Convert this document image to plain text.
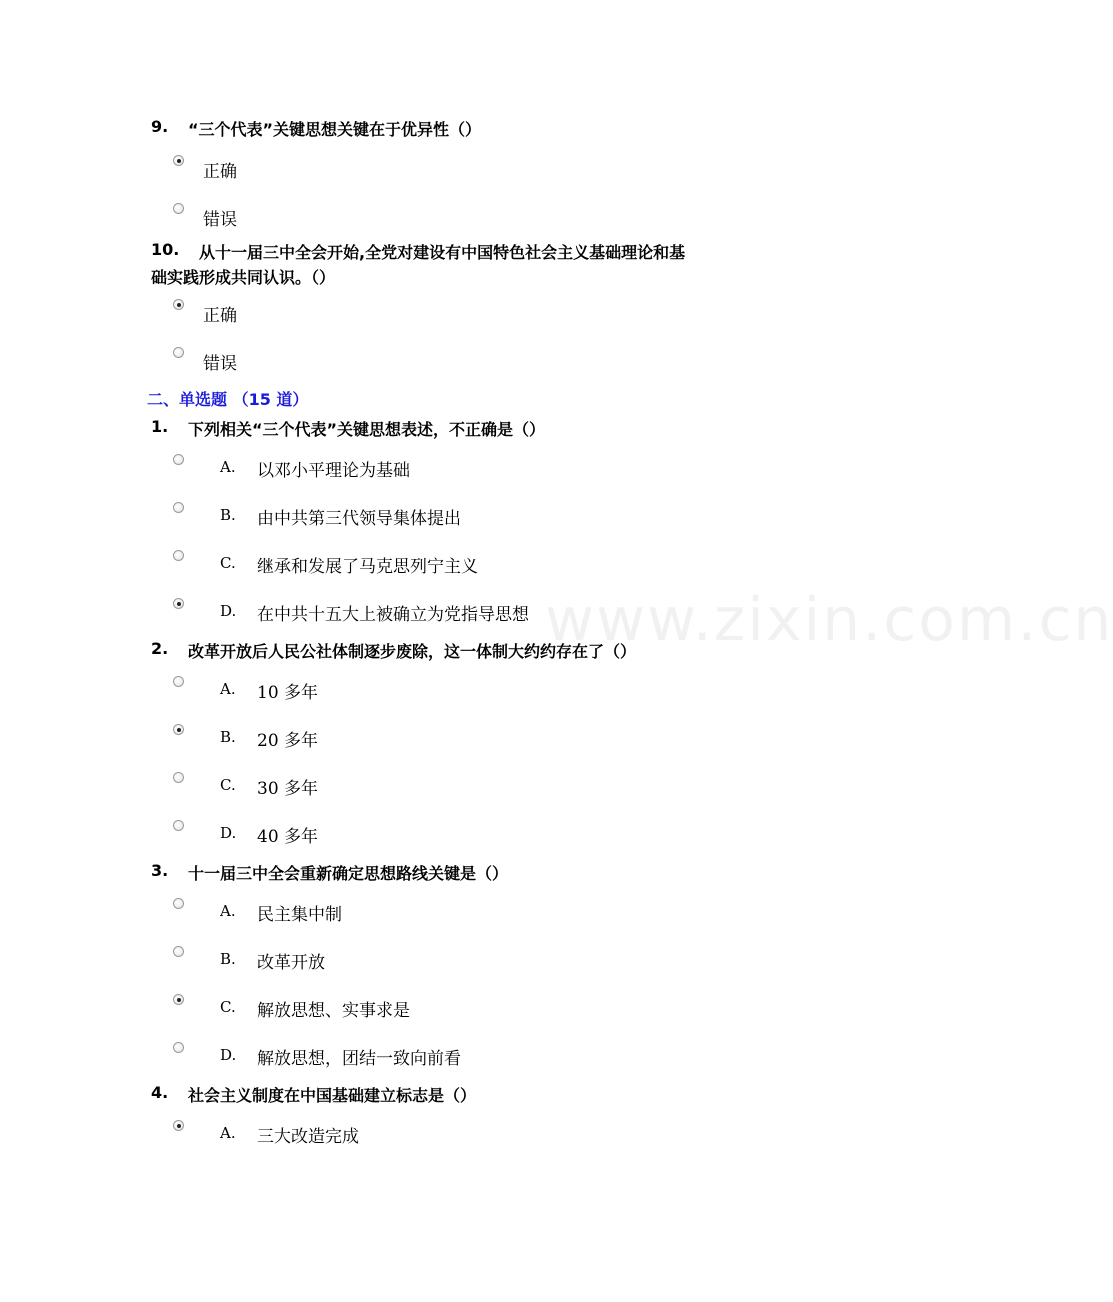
www.zixin.com.cn
9. “三个代表”关键思想关键在于优异性（）
正确
错误
10. 从十一届三中全会开始,全党对建设有中国特色社会主义基础理论和基
础实践形成共同认识。（）
正确
错误
二、单选题 （15 道）
1. 下列相关“三个代表”关键思想表述，不正确是（）
A. 以邓小平理论为基础
B. 由中共第三代领导集体提出
C. 继承和发展了马克思列宁主义
D. 在中共十五大上被确立为党指导思想
2. 改革开放后人民公社体制逐步废除，这一体制大约约存在了（）
A. 10 多年
B. 20 多年
C. 30 多年
D. 40 多年
3. 十一届三中全会重新确定思想路线关键是（）
A. 民主集中制
B. 改革开放
C. 解放思想、实事求是
D. 解放思想，团结一致向前看
4. 社会主义制度在中国基础建立标志是（）
A. 三大改造完成
